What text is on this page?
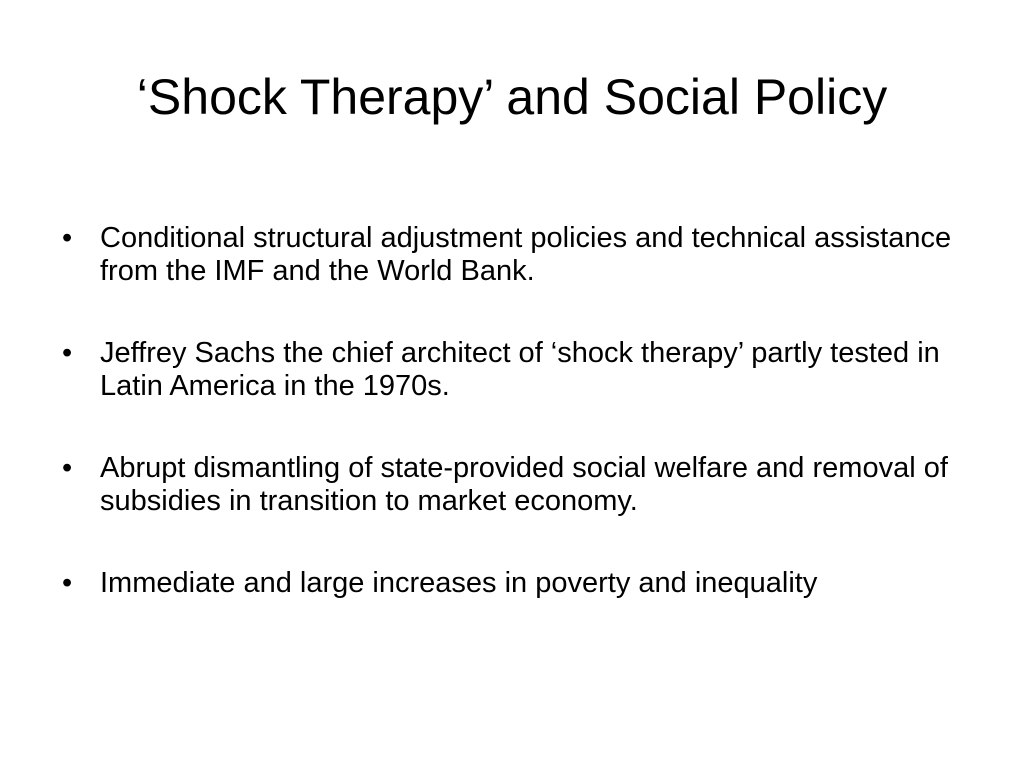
‘Shock Therapy’ and Social Policy
• Conditional structural adjustment policies and technical assistance from the IMF and the World Bank.
• Jeffrey Sachs the chief architect of ‘shock therapy’ partly tested in Latin America in the 1970s.
• Abrupt dismantling of state-provided social welfare and removal of subsidies in transition to market economy.
• Immediate and large increases in poverty and inequality
